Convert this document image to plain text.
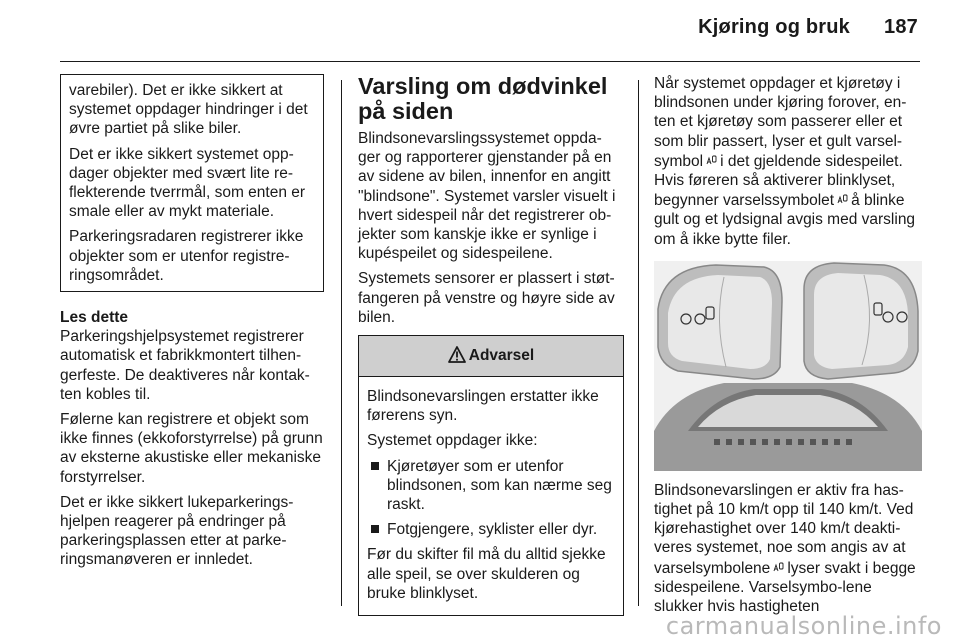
Kjøring og bruk 187

varebiler). Det er ikke sikkert at systemet oppdager hindringer i det øvre partiet på slike biler.

Det er ikke sikkert systemet opp-dager objekter med svært lite re-flekterende tverrmål, som enten er smale eller av mykt materiale.

Parkeringsradaren registrerer ikke objekter som er utenfor registre-ringsområdet.

Les dette

Parkeringshjelpsystemet registrerer automatisk et fabrikkmontert tilhen-gerfeste. De deaktiveres når kontak-ten kobles til.

Følerne kan registrere et objekt som ikke finnes (ekkoforstyrrelse) på grunn av eksterne akustiske eller mekaniske forstyrrelser.

Det er ikke sikkert lukeparkerings-hjelpen reagerer på endringer på parkeringsplassen etter at parke-ringsmanøveren er innledet.

Varsling om dødvinkel på siden

Blindsonevarslingssystemet oppda-ger og rapporterer gjenstander på en av sidene av bilen, innenfor en angitt "blindsone". Systemet varsler visuelt i hvert sidespeil når det registrerer ob-jekter som kanskje ikke er synlige i kupéspeilet og sidespeilene.

Systemets sensorer er plassert i støt-fangeren på venstre og høyre side av bilen.

Advarsel

Blindsonevarslingen erstatter ikke førerens syn.

Systemet oppdager ikke:

Kjøretøyer som er utenfor blindsonen, som kan nærme seg raskt.
Fotgjengere, syklister eller dyr.

Før du skifter fil må du alltid sjekke alle speil, se over skulderen og bruke blinklyset.

Når systemet oppdager et kjøretøy i blindsonen under kjøring forover, en-ten et kjøretøy som passerer eller et som blir passert, lyser et gult varsel-symbol i det gjeldende sidespeilet. Hvis føreren så aktiverer blinklyset, begynner varselssymbolet å blinke gult og et lydsignal avgis med varsling om å ikke bytte filer.

Blindsonevarslingen er aktiv fra has-tighet på 10 km/t opp til 140 km/t. Ved kjørehastighet over 140 km/t deakti-veres systemet, noe som angis av at varselsymbolene lyser svakt i begge sidespeilene. Varselsymbo-lene slukker hvis hastigheten

carmanualsonline.info
